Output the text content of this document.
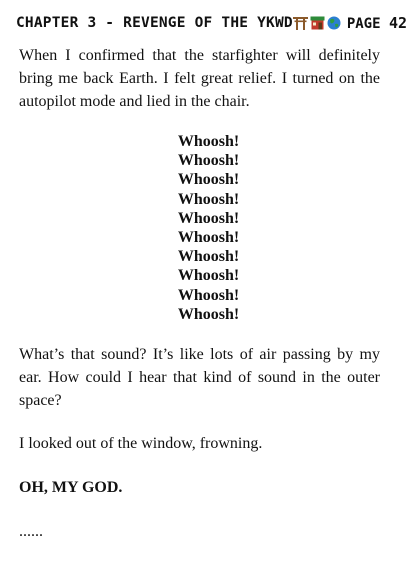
CHAPTER 3 - REVENGE OF THE YKWD	PAGE 42

When I confirmed that the starfighter will definitely bring me back Earth. I felt great relief. I turned on the autopilot mode and lied in the chair.

Whoosh!
Whoosh!
Whoosh!
Whoosh!
Whoosh!
Whoosh!
Whoosh!
Whoosh!
Whoosh!
Whoosh!

What’s that sound? It’s like lots of air passing by my ear. How could I hear that kind of sound in the outer space?

I looked out of the window, frowning.

OH, MY GOD.

......
